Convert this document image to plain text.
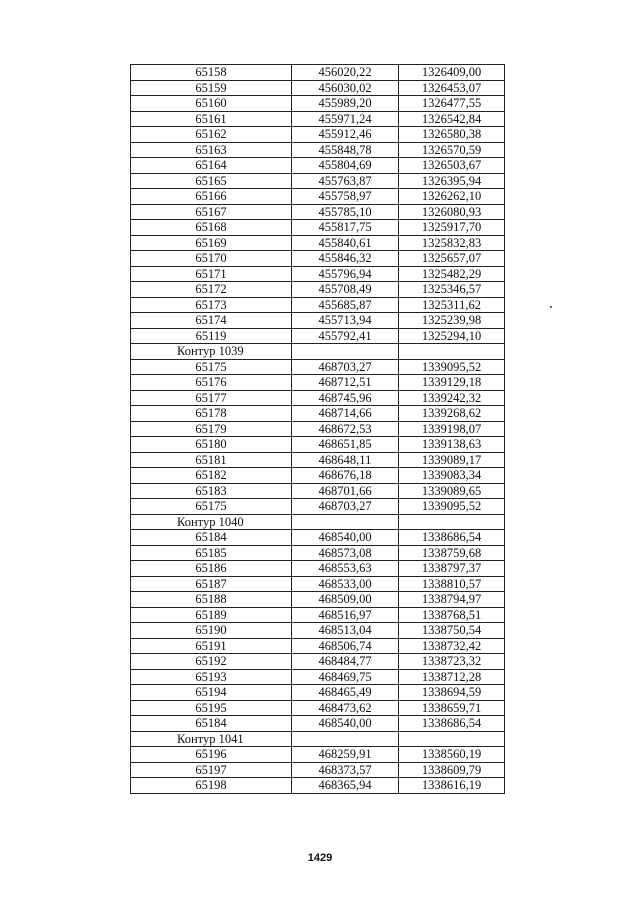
65158	456020,22	1326409,00
65159	456030,02	1326453,07
65160	455989,20	1326477,55
65161	455971,24	1326542,84
65162	455912,46	1326580,38
65163	455848,78	1326570,59
65164	455804,69	1326503,67
65165	455763,87	1326395,94
65166	455758,97	1326262,10
65167	455785,10	1326080,93
65168	455817,75	1325917,70
65169	455840,61	1325832,83
65170	455846,32	1325657,07
65171	455796,94	1325482,29
65172	455708,49	1325346,57
65173	455685,87	1325311,62
65174	455713,94	1325239,98
65119	455792,41	1325294,10
Контур 1039		
65175	468703,27	1339095,52
65176	468712,51	1339129,18
65177	468745,96	1339242,32
65178	468714,66	1339268,62
65179	468672,53	1339198,07
65180	468651,85	1339138,63
65181	468648,11	1339089,17
65182	468676,18	1339083,34
65183	468701,66	1339089,65
65175	468703,27	1339095,52
Контур 1040		
65184	468540,00	1338686,54
65185	468573,08	1338759,68
65186	468553,63	1338797,37
65187	468533,00	1338810,57
65188	468509,00	1338794,97
65189	468516,97	1338768,51
65190	468513,04	1338750,54
65191	468506,74	1338732,42
65192	468484,77	1338723,32
65193	468469,75	1338712,28
65194	468465,49	1338694,59
65195	468473,62	1338659,71
65184	468540,00	1338686,54
Контур 1041		
65196	468259,91	1338560,19
65197	468373,57	1338609,79
65198	468365,94	1338616,19
1429
